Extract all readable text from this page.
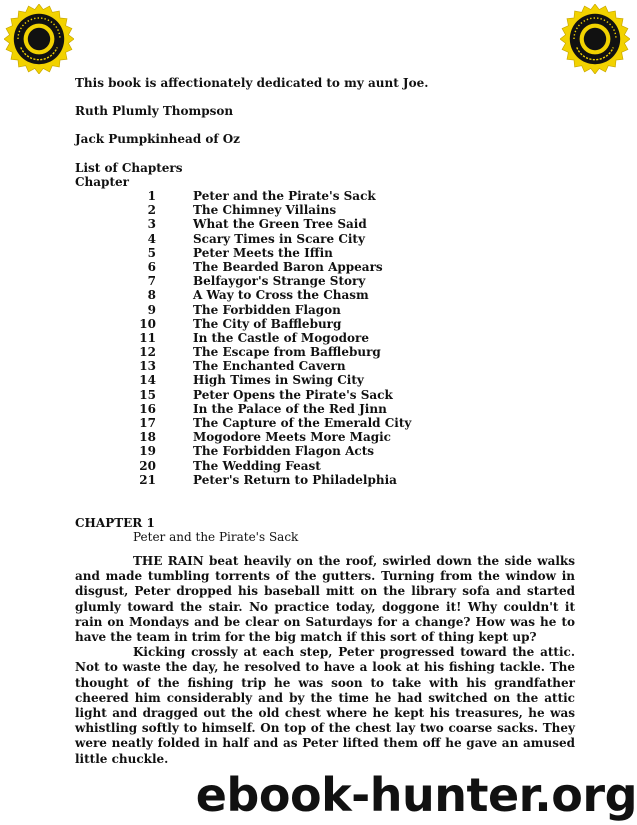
This book is affectionately dedicated to my aunt Joe.
Ruth Plumly Thompson
Jack Pumpkinhead of Oz
List of Chapters
Chapter
1	Peter and the Pirate's Sack
2	The Chimney Villains
3	What the Green Tree Said
4	Scary Times in Scare City
5	Peter Meets the Iffin
6	The Bearded Baron Appears
7	Belfaygor's Strange Story
8	A Way to Cross the Chasm
9	The Forbidden Flagon
10	The City of Baffleburg
11	In the Castle of Mogodore
12	The Escape from Baffleburg
13	The Enchanted Cavern
14	High Times in Swing City
15	Peter Opens the Pirate's Sack
16	In the Palace of the Red Jinn
17	The Capture of the Emerald City
18	Mogodore Meets More Magic
19	The Forbidden Flagon Acts
20	The Wedding Feast
21	Peter's Return to Philadelphia
CHAPTER 1
Peter and the Pirate's Sack

THE RAIN beat heavily on the roof, swirled down the side walks and made tumbling torrents of the gutters. Turning from the window in disgust, Peter dropped his baseball mitt on the library sofa and started glumly toward the stair. No practice today, doggone it! Why couldn't it rain on Mondays and be clear on Saturdays for a change? How was he to have the team in trim for the big match if this sort of thing kept up?

Kicking crossly at each step, Peter progressed toward the attic. Not to waste the day, he resolved to have a look at his fishing tackle. The thought of the fishing trip he was soon to take with his grandfather cheered him considerably and by the time he had switched on the attic light and dragged out the old chest where he kept his treasures, he was whistling softly to himself. On top of the chest lay two coarse sacks. They were neatly folded in half and as Peter lifted them off he gave an amused little chuckle.

ebook-hunter.org
